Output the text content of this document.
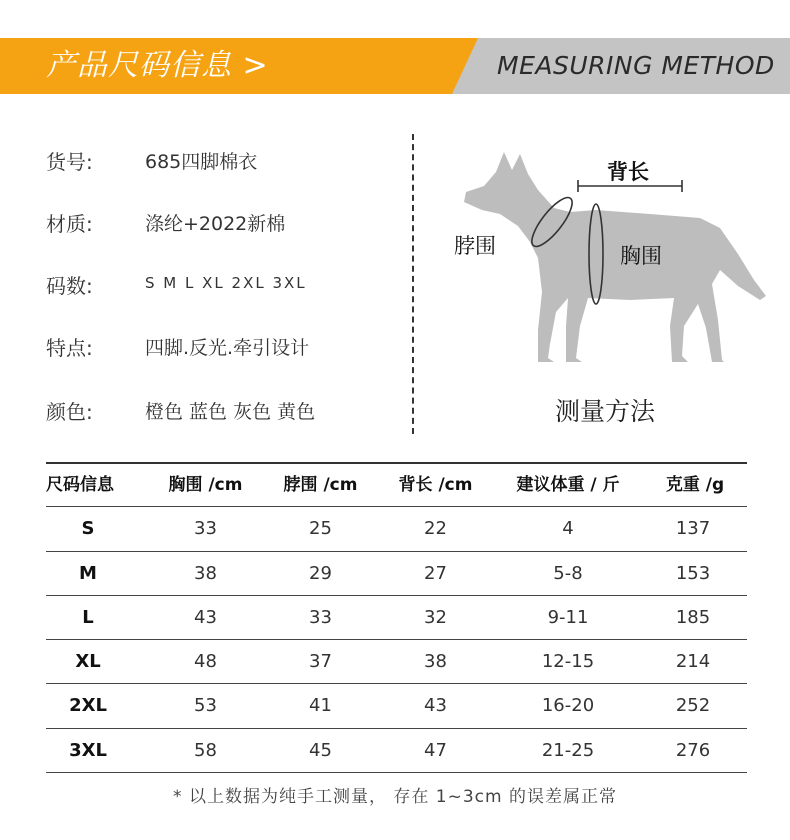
产品尺码信息 >	MEASURING METHOD
货号:	685四脚棉衣
材质:	涤纶+2022新棉
码数:	S M L XL 2XL 3XL
特点:	四脚.反光.牵引设计
颜色:	橙色 蓝色 灰色 黄色
背长
脖围	胸围
测量方法
尺码信息	胸围 /cm	脖围 /cm	背长 /cm	建议体重 / 斤	克重 /g
S	33	25	22	4	137
M	38	29	27	5-8	153
L	43	33	32	9-11	185
XL	48	37	38	12-15	214
2XL	53	41	43	16-20	252
3XL	58	45	47	21-25	276
* 以上数据为纯手工测量， 存在 1~3cm 的误差属正常
